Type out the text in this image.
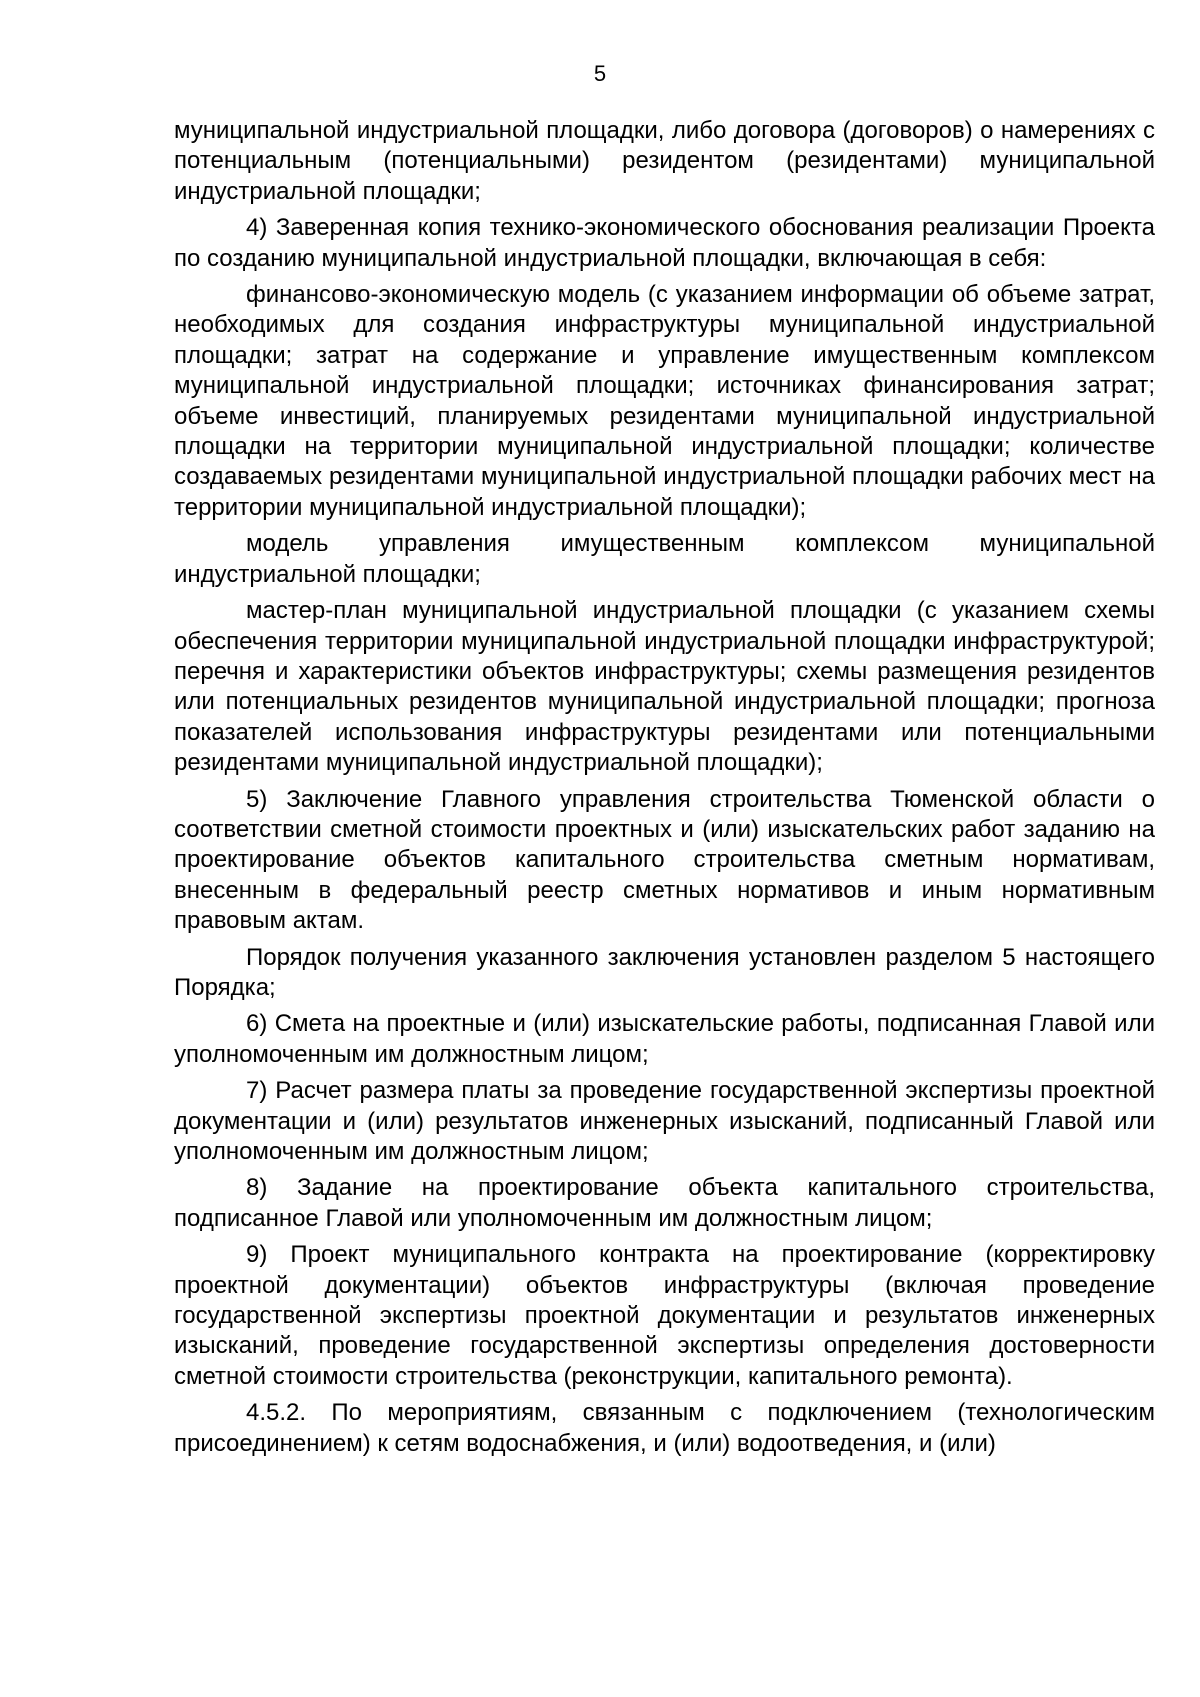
5

муниципальной индустриальной площадки, либо договора (договоров) о намерениях с потенциальным (потенциальными) резидентом (резидентами) муниципальной индустриальной площадки;

4) Заверенная копия технико-экономического обоснования реализации Проекта по созданию муниципальной индустриальной площадки, включающая в себя:

финансово-экономическую модель (с указанием информации об объеме затрат, необходимых для создания инфраструктуры муниципальной индустриальной площадки; затрат на содержание и управление имущественным комплексом муниципальной индустриальной площадки; источниках финансирования затрат; объеме инвестиций, планируемых резидентами муниципальной индустриальной площадки на территории муниципальной индустриальной площадки; количестве создаваемых резидентами муниципальной индустриальной площадки рабочих мест на территории муниципальной индустриальной площадки);

модель управления имущественным комплексом муниципальной индустриальной площадки;

мастер-план муниципальной индустриальной площадки (с указанием схемы обеспечения территории муниципальной индустриальной площадки инфраструктурой; перечня и характеристики объектов инфраструктуры; схемы размещения резидентов или потенциальных резидентов муниципальной индустриальной площадки; прогноза показателей использования инфраструктуры резидентами или потенциальными резидентами муниципальной индустриальной площадки);

5) Заключение Главного управления строительства Тюменской области о соответствии сметной стоимости проектных и (или) изыскательских работ заданию на проектирование объектов капитального строительства сметным нормативам, внесенным в федеральный реестр сметных нормативов и иным нормативным правовым актам.

Порядок получения указанного заключения установлен разделом 5 настоящего Порядка;

6) Смета на проектные и (или) изыскательские работы, подписанная Главой или уполномоченным им должностным лицом;

7) Расчет размера платы за проведение государственной экспертизы проектной документации и (или) результатов инженерных изысканий, подписанный Главой или уполномоченным им должностным лицом;

8) Задание на проектирование объекта капитального строительства, подписанное Главой или уполномоченным им должностным лицом;

9) Проект муниципального контракта на проектирование (корректировку проектной документации) объектов инфраструктуры (включая проведение государственной экспертизы проектной документации и результатов инженерных изысканий, проведение государственной экспертизы определения достоверности сметной стоимости строительства (реконструкции, капитального ремонта).

4.5.2. По мероприятиям, связанным с подключением (технологическим присоединением) к сетям водоснабжения, и (или) водоотведения, и (или)
